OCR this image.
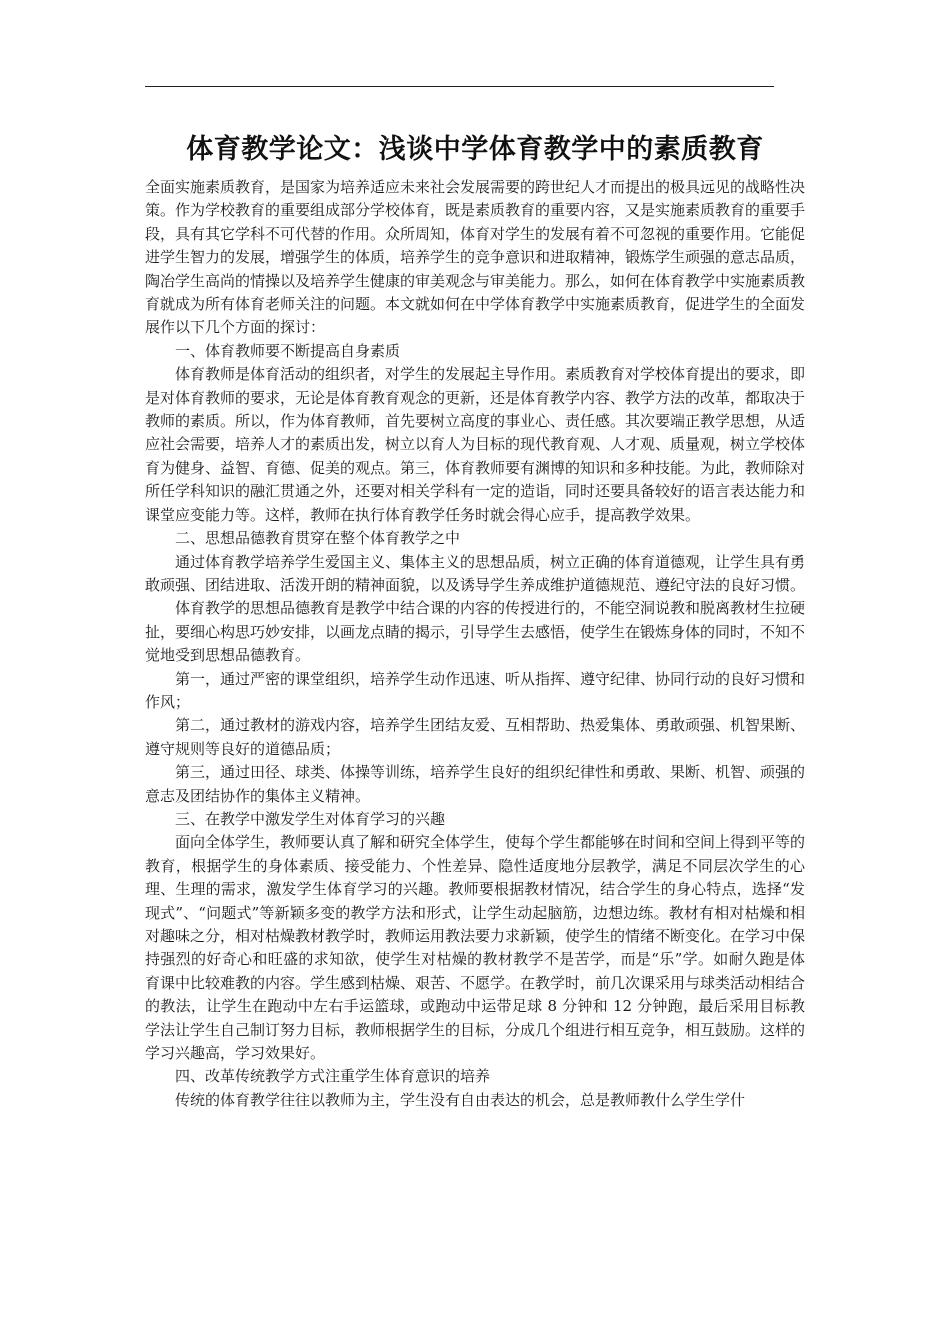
体育教学论文：浅谈中学体育教学中的素质教育

全面实施素质教育，是国家为培养适应未来社会发展需要的跨世纪人才而提出的极具远见的战略性决策。作为学校教育的重要组成部分学校体育，既是素质教育的重要内容，又是实施素质教育的重要手段，具有其它学科不可代替的作用。众所周知，体育对学生的发展有着不可忽视的重要作用。它能促进学生智力的发展，增强学生的体质，培养学生的竞争意识和进取精神，锻炼学生顽强的意志品质，陶冶学生高尚的情操以及培养学生健康的审美观念与审美能力。那么，如何在体育教学中实施素质教育就成为所有体育老师关注的问题。本文就如何在中学体育教学中实施素质教育，促进学生的全面发展作以下几个方面的探讨：

一、体育教师要不断提高自身素质

体育教师是体育活动的组织者，对学生的发展起主导作用。素质教育对学校体育提出的要求，即是对体育教师的要求，无论是体育教育观念的更新，还是体育教学内容、教学方法的改革，都取决于教师的素质。所以，作为体育教师，首先要树立高度的事业心、责任感。其次要端正教学思想，从适应社会需要，培养人才的素质出发，树立以育人为目标的现代教育观、人才观、质量观，树立学校体育为健身、益智、育德、促美的观点。第三，体育教师要有渊博的知识和多种技能。为此，教师除对所任学科知识的融汇贯通之外，还要对相关学科有一定的造诣，同时还要具备较好的语言表达能力和课堂应变能力等。这样，教师在执行体育教学任务时就会得心应手，提高教学效果。

二、思想品德教育贯穿在整个体育教学之中

通过体育教学培养学生爱国主义、集体主义的思想品质，树立正确的体育道德观，让学生具有勇敢顽强、团结进取、活泼开朗的精神面貌，以及诱导学生养成维护道德规范、遵纪守法的良好习惯。

体育教学的思想品德教育是教学中结合课的内容的传授进行的，不能空洞说教和脱离教材生拉硬扯，要细心构思巧妙安排，以画龙点睛的揭示，引导学生去感悟，使学生在锻炼身体的同时，不知不觉地受到思想品德教育。

第一，通过严密的课堂组织，培养学生动作迅速、听从指挥、遵守纪律、协同行动的良好习惯和作风；

第二，通过教材的游戏内容，培养学生团结友爱、互相帮助、热爱集体、勇敢顽强、机智果断、遵守规则等良好的道德品质；

第三，通过田径、球类、体操等训练，培养学生良好的组织纪律性和勇敢、果断、机智、顽强的意志及团结协作的集体主义精神。

三、在教学中激发学生对体育学习的兴趣

面向全体学生，教师要认真了解和研究全体学生，使每个学生都能够在时间和空间上得到平等的教育，根据学生的身体素质、接受能力、个性差异、隐性适度地分层教学，满足不同层次学生的心理、生理的需求，激发学生体育学习的兴趣。教师要根据教材情况，结合学生的身心特点，选择“发现式”、“问题式”等新颖多变的教学方法和形式，让学生动起脑筋，边想边练。教材有相对枯燥和相对趣味之分，相对枯燥教材教学时，教师运用教法要力求新颖，使学生的情绪不断变化。在学习中保持强烈的好奇心和旺盛的求知欲，使学生对枯燥的教材教学不是苦学，而是“乐”学。如耐久跑是体育课中比较难教的内容。学生感到枯燥、艰苦、不愿学。在教学时，前几次课采用与球类活动相结合的教法，让学生在跑动中左右手运篮球，或跑动中运带足球 8 分钟和 12 分钟跑，最后采用目标教学法让学生自己制订努力目标，教师根据学生的目标，分成几个组进行相互竞争，相互鼓励。这样的学习兴趣高，学习效果好。

四、改革传统教学方式注重学生体育意识的培养

传统的体育教学往往以教师为主，学生没有自由表达的机会，总是教师教什么学生学什
